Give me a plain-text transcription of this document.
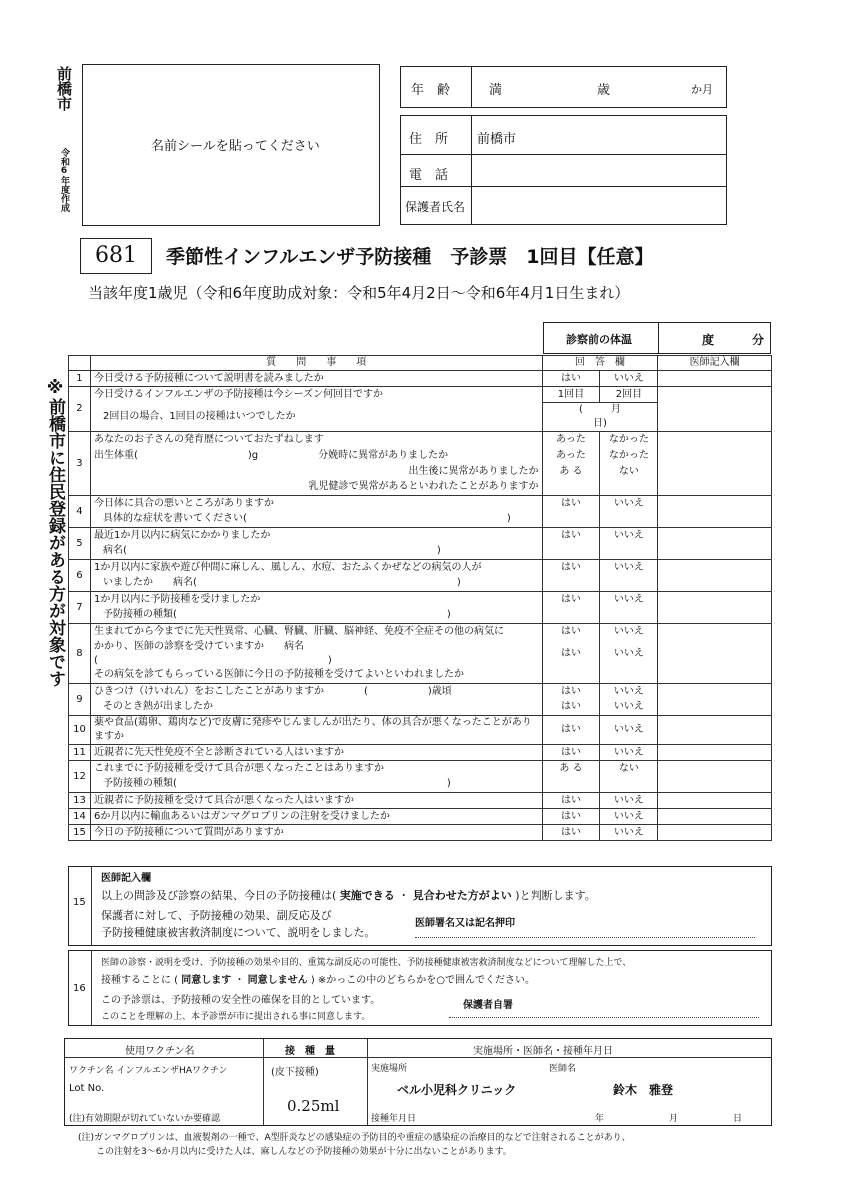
前橋市
令和6年度作成
※前橋市に住民登録がある方が対象です
名前シールを貼ってください
年　齢	満	歳	か月
住　所 前橋市
電　話
保護者氏名
681 季節性インフルエンザ予防接種　予診票　1回目【任意】
当該年度1歳児（令和6年度助成対象：令和5年4月2日～令和6年4月1日生まれ）
診察前の体温	度	分
	質　　問　　事　　項	回　答　欄		医師記入欄
1	今日受ける予防接種について説明書を読みましたか	はい	いいえ	
2	今日受けるインフルエンザの予防接種は今シーズン何回目ですか	1回目	2回目	
	2回目の場合、1回目の接種はいつでしたか	( 月日)		
3	あなたのお子さんの発育歴についておたずねします	あった	なかった	
	出生体重(　　　　　　　　　　　)g　　　　　　分娩時に異常がありましたか	あった	なかった	
	出生後に異常がありましたか	あ る	ない	
	乳児健診で異常があるといわれたことがありますか			
4	今日体に具合の悪いところがありますか	はい	いいえ	
	具体的な症状を書いてください(　　　　　　　　　　　　　　　　　　　　　　　　　　)			
5	最近1か月以内に病気にかかりましたか	はい	いいえ	
	病名(　　　　　　　　　　　　　　　　　　　　　　　　　　　　　　　)			
6	1か月以内に家族や遊び仲間に麻しん、風しん、水痘、おたふくかぜなどの病気の人が	はい	いいえ	
	いましたか　　病名(　　　　　　　　　　　　　　　　　　　　　　　　　　)			
7	1か月以内に予防接種を受けましたか	はい	いいえ	
	予防接種の種類(　　　　　　　　　　　　　　　　　　　　　　　　　　　)			
8	生まれてから今までに先天性異常、心臓、腎臓、肝臓、脳神経、免疫不全症その他の病気に	はい	いいえ	
	かかり、医師の診察を受けていますか　　病名(　　　　　　　　　　　　　　　　　　　　　　　)	はい	いいえ	
	その病気を診てもらっている医師に今日の予防接種を受けてよいといわれましたか			
9	ひきつけ（けいれん）をおこしたことがありますか　　　　(　　　　　　)歳頃	はい	いいえ	
	そのとき熱が出ましたか	はい	いいえ	
10	薬や食品(鶏卵、鶏肉など)で皮膚に発疹やじんましんが出たり、体の具合が悪くなったことがありますか	はい	いいえ	
11	近親者に先天性免疫不全と診断されている人はいますか	はい	いいえ	
12	これまでに予防接種を受けて具合が悪くなったことはありますか	あ る	ない	
	予防接種の種類(　　　　　　　　　　　　　　　　　　　　　　　　　　　)			
13	近親者に予防接種を受けて具合が悪くなった人はいますか	はい	いいえ	
14	6か月以内に輸血あるいはガンマグロブリンの注射を受けましたか	はい	いいえ	
15	今日の予防接種について質問がありますか	はい	いいえ	
15
医師記入欄
以上の問診及び診察の結果、今日の予防接種は( 実施できる ・ 見合わせた方がよい )と判断します。
保護者に対して、予防接種の効果、副反応及び
予防接種健康被害救済制度について、説明をしました。
医師署名又は記名押印
16
医師の診察・説明を受け、予防接種の効果や目的、重篤な副反応の可能性、予防接種健康被害救済制度などについて理解した上で、
接種することに ( 同意します ・ 同意しません ) ※かっこの中のどちらかを○で囲んでください。
この予診票は、予防接種の安全性の確保を目的としています。
このことを理解の上、本予診票が市に提出される事に同意します。
保護者自署
使用ワクチン名	接　種　量	実施場所・医師名・接種年月日
ワクチン名 インフルエンザHAワクチン
Lot No.
(注)有効期限が切れていないか要確認
(皮下接種)
0.25ml
実施場所	医師名
ベル小児科クリニック	鈴木　雅登
接種年月日	年	月	日
(注)ガンマグロブリンは、血液製剤の一種で、A型肝炎などの感染症の予防目的や重症の感染症の治療目的などで注射されることがあり、
この注射を3～6か月以内に受けた人は、麻しんなどの予防接種の効果が十分に出ないことがあります。
